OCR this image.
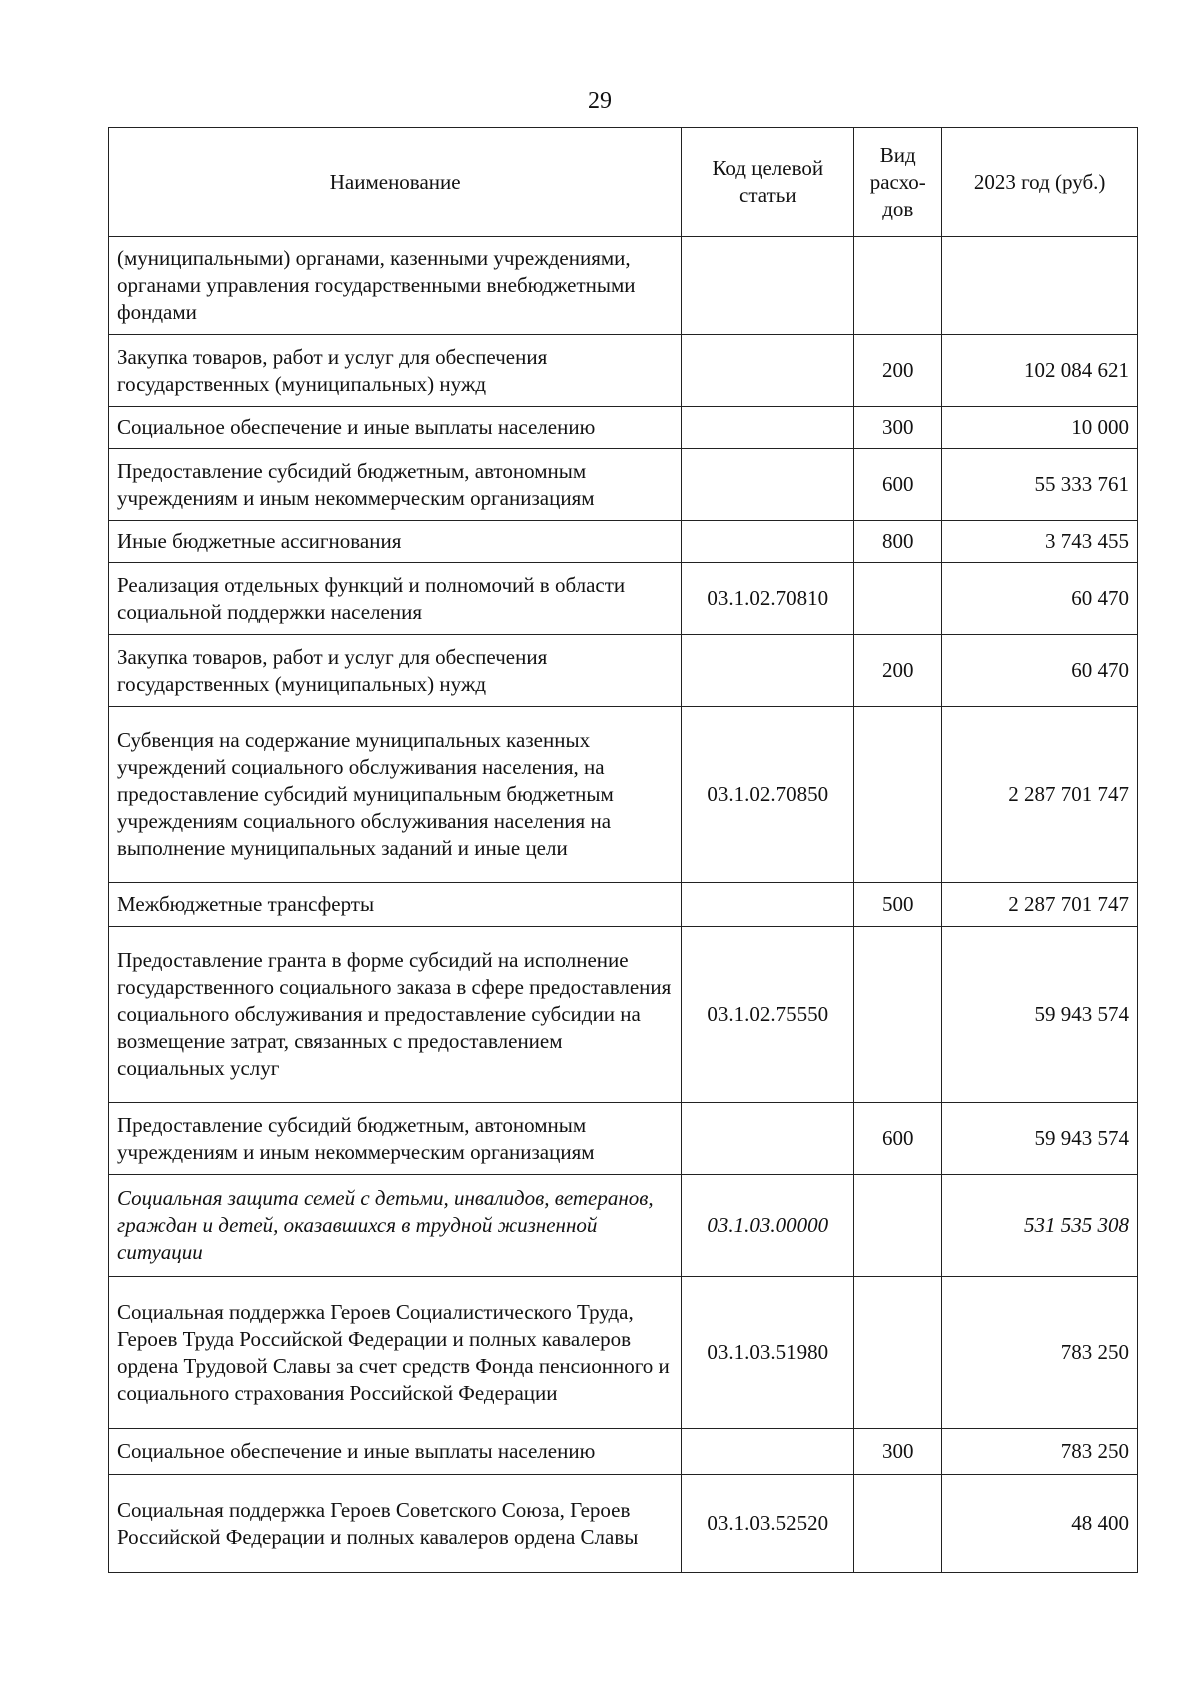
29
Наименование	Код целевой статьи	Вид расхо-дов	2023 год (руб.)
(муниципальными) органами, казенными учреждениями, органами управления государственными внебюджетными фондами			
Закупка товаров, работ и услуг для обеспечения государственных (муниципальных) нужд		200	102 084 621
Социальное обеспечение и иные выплаты населению		300	10 000
Предоставление субсидий бюджетным, автономным учреждениям и иным некоммерческим организациям		600	55 333 761
Иные бюджетные ассигнования		800	3 743 455
Реализация отдельных функций и полномочий в области социальной поддержки населения	03.1.02.70810		60 470
Закупка товаров, работ и услуг для обеспечения государственных (муниципальных) нужд		200	60 470
Субвенция на содержание муниципальных казенных учреждений социального обслуживания населения, на предоставление субсидий муниципальным бюджетным учреждениям социального обслуживания населения на выполнение муниципальных заданий и иные цели	03.1.02.70850		2 287 701 747
Межбюджетные трансферты		500	2 287 701 747
Предоставление гранта в форме субсидий на исполнение государственного социального заказа в сфере предоставления социального обслуживания и предоставление субсидии на возмещение затрат, связанных с предоставлением социальных услуг	03.1.02.75550		59 943 574
Предоставление субсидий бюджетным, автономным учреждениям и иным некоммерческим организациям		600	59 943 574
Социальная защита семей с детьми, инвалидов, ветеранов, граждан и детей, оказавшихся в трудной жизненной ситуации	03.1.03.00000		531 535 308
Социальная поддержка Героев Социалистического Труда, Героев Труда Российской Федерации и полных кавалеров ордена Трудовой Славы за счет средств Фонда пенсионного и социального страхования Российской Федерации	03.1.03.51980		783 250
Социальное обеспечение и иные выплаты населению		300	783 250
Социальная поддержка Героев Советского Союза, Героев Российской Федерации и полных кавалеров ордена Славы	03.1.03.52520		48 400
